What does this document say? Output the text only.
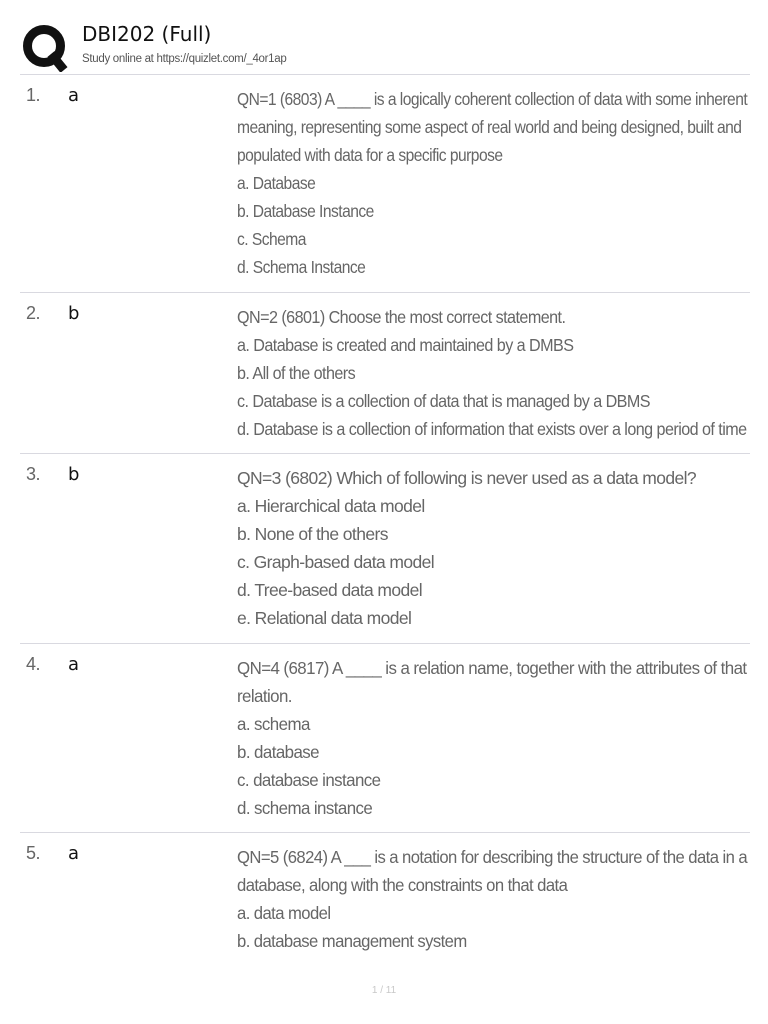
DBI202 (Full)
Study online at https://quizlet.com/_4or1ap
1. a	QN=1 (6803) A ____ is a logically coherent collection of data with some inherent
meaning, representing some aspect of real world and being designed, built and
populated with data for a specific purpose
a. Database
b. Database Instance
c. Schema
d. Schema Instance
2. b	QN=2 (6801) Choose the most correct statement.
a. Database is created and maintained by a DMBS
b. All of the others
c. Database is a collection of data that is managed by a DBMS
d. Database is a collection of information that exists over a long period of time
3. b	QN=3 (6802) Which of following is never used as a data model?
a. Hierarchical data model
b. None of the others
c. Graph-based data model
d. Tree-based data model
e. Relational data model
4. a	QN=4 (6817) A ____ is a relation name, together with the attributes of that
relation.
a. schema
b. database
c. database instance
d. schema instance
5. a	QN=5 (6824) A ___ is a notation for describing the structure of the data in a
database, along with the constraints on that data
a. data model
b. database management system
1 / 11
